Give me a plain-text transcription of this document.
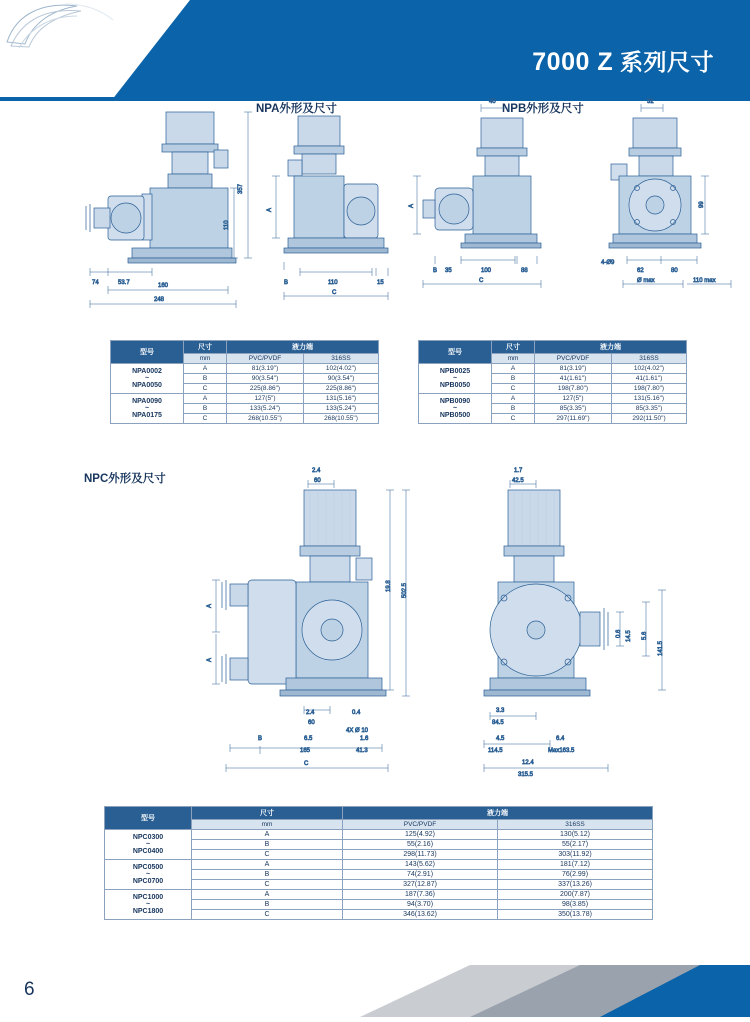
7000 Z 系列尺寸
NPA外形及尺寸	NPB外形及尺寸
NPC外形及尺寸
357
110
74	53.7	160
248
A
B	110	15
C
40
A
B	100	88
C
35
32
99
4-Ø9
62	80
Ø max	110 max
型号	尺寸	液力端	
	mm	PVC/PVDF	316SS

NPA0002
~
NPA0050	A	81(3.19")	102(4.02")
	B	90(3.54")	90(3.54")
	C	225(8.86")	225(8.86")

NPA0090
~
NPA0175	A	127(5")	131(5.16")
	B	133(5.24")	133(5.24")
	C	268(10.55")	268(10.55")
型号	尺寸	液力端	
	mm	PVC/PVDF	316SS

NPB0025
~
NPB0050	A	81(3.19")	102(4.02")
	B	41(1.61")	41(1.61")
	C	198(7.80")	198(7.80")

NPB0090
~
NPB0500	A	127(5")	131(5.16")
	B	85(3.35")	85(3.35")
	C	297(11.69")	292(11.50")
2.4
60
A
A
19.8 502.5
2.4
60
0.4
4X Ø 10
B	6.5
165
1.6
41.3
C
1.7
42.5
0.6 14.5 5.6
141.5
3.3
84.5
4.5
114.5
6.4
Max163.5
12.4
315.5
型号	尺寸	液力端	
	mm	PVC/PVDF	316SS

NPC0300
~
NPC0400	A	125(4.92)	130(5.12)
	B	55(2.16)	55(2.17)
	C	298(11.73)	303(11.92)

NPC0500
~
NPC0700	A	143(5.62)	181(7.12)
	B	74(2.91)	76(2.99)
	C	327(12.87)	337(13.26)

NPC1000
~
NPC1800	A	187(7.36)	200(7.87)
	B	94(3.70)	98(3.85)
	C	346(13.62)	350(13.78)
6
